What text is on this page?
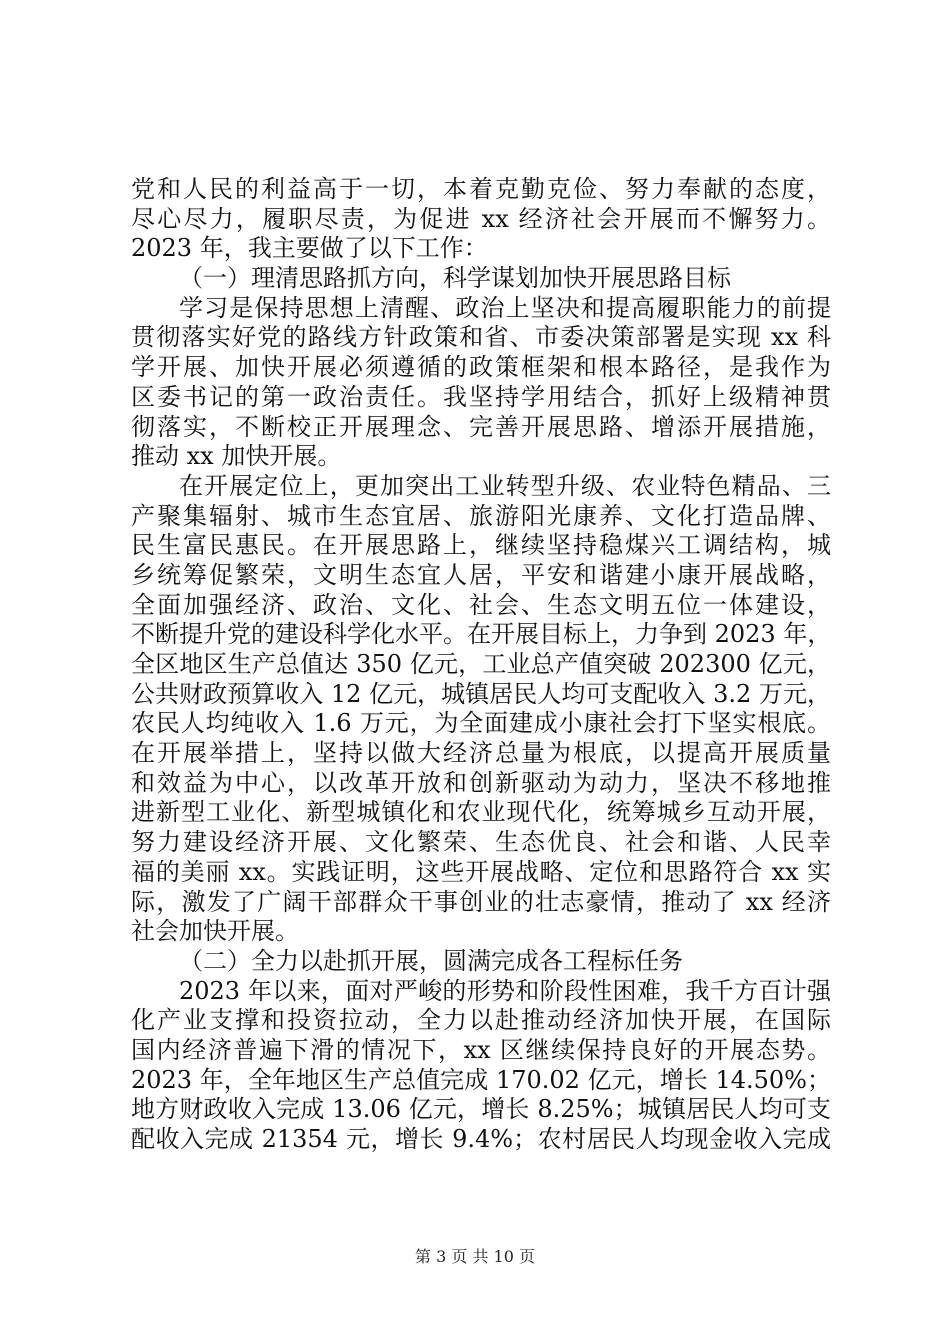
党和人民的利益高于一切，本着克勤克俭、努力奉献的态度，
尽心尽力，履职尽责，为促进 xx 经济社会开展而不懈努力。
2023 年，我主要做了以下工作：
（一）理清思路抓方向，科学谋划加快开展思路目标
学习是保持思想上清醒、政治上坚决和提高履职能力的前提
贯彻落实好党的路线方针政策和省、市委决策部署是实现 xx 科
学开展、加快开展必须遵循的政策框架和根本路径，是我作为
区委书记的第一政治责任。我坚持学用结合，抓好上级精神贯
彻落实，不断校正开展理念、完善开展思路、增添开展措施，
推动 xx 加快开展。
在开展定位上，更加突出工业转型升级、农业特色精品、三
产聚集辐射、城市生态宜居、旅游阳光康养、文化打造品牌、
民生富民惠民。在开展思路上，继续坚持稳煤兴工调结构，城
乡统筹促繁荣，文明生态宜人居，平安和谐建小康开展战略，
全面加强经济、政治、文化、社会、生态文明五位一体建设，
不断提升党的建设科学化水平。在开展目标上，力争到 2023 年，
全区地区生产总值达 350 亿元，工业总产值突破 202300 亿元，
公共财政预算收入 12 亿元，城镇居民人均可支配收入 3.2 万元，
农民人均纯收入 1.6 万元，为全面建成小康社会打下坚实根底。
在开展举措上，坚持以做大经济总量为根底，以提高开展质量
和效益为中心，以改革开放和创新驱动为动力，坚决不移地推
进新型工业化、新型城镇化和农业现代化，统筹城乡互动开展，
努力建设经济开展、文化繁荣、生态优良、社会和谐、人民幸
福的美丽 xx。实践证明，这些开展战略、定位和思路符合 xx 实
际，激发了广阔干部群众干事创业的壮志豪情，推动了 xx 经济
社会加快开展。
（二）全力以赴抓开展，圆满完成各工程标任务
2023 年以来，面对严峻的形势和阶段性困难，我千方百计强
化产业支撑和投资拉动，全力以赴推动经济加快开展，在国际
国内经济普遍下滑的情况下，xx 区继续保持良好的开展态势。
2023 年，全年地区生产总值完成 170.02 亿元，增长 14.50%；
地方财政收入完成 13.06 亿元，增长 8.25%；城镇居民人均可支
配收入完成 21354 元，增长 9.4%；农村居民人均现金收入完成
第 3 页 共 10 页
